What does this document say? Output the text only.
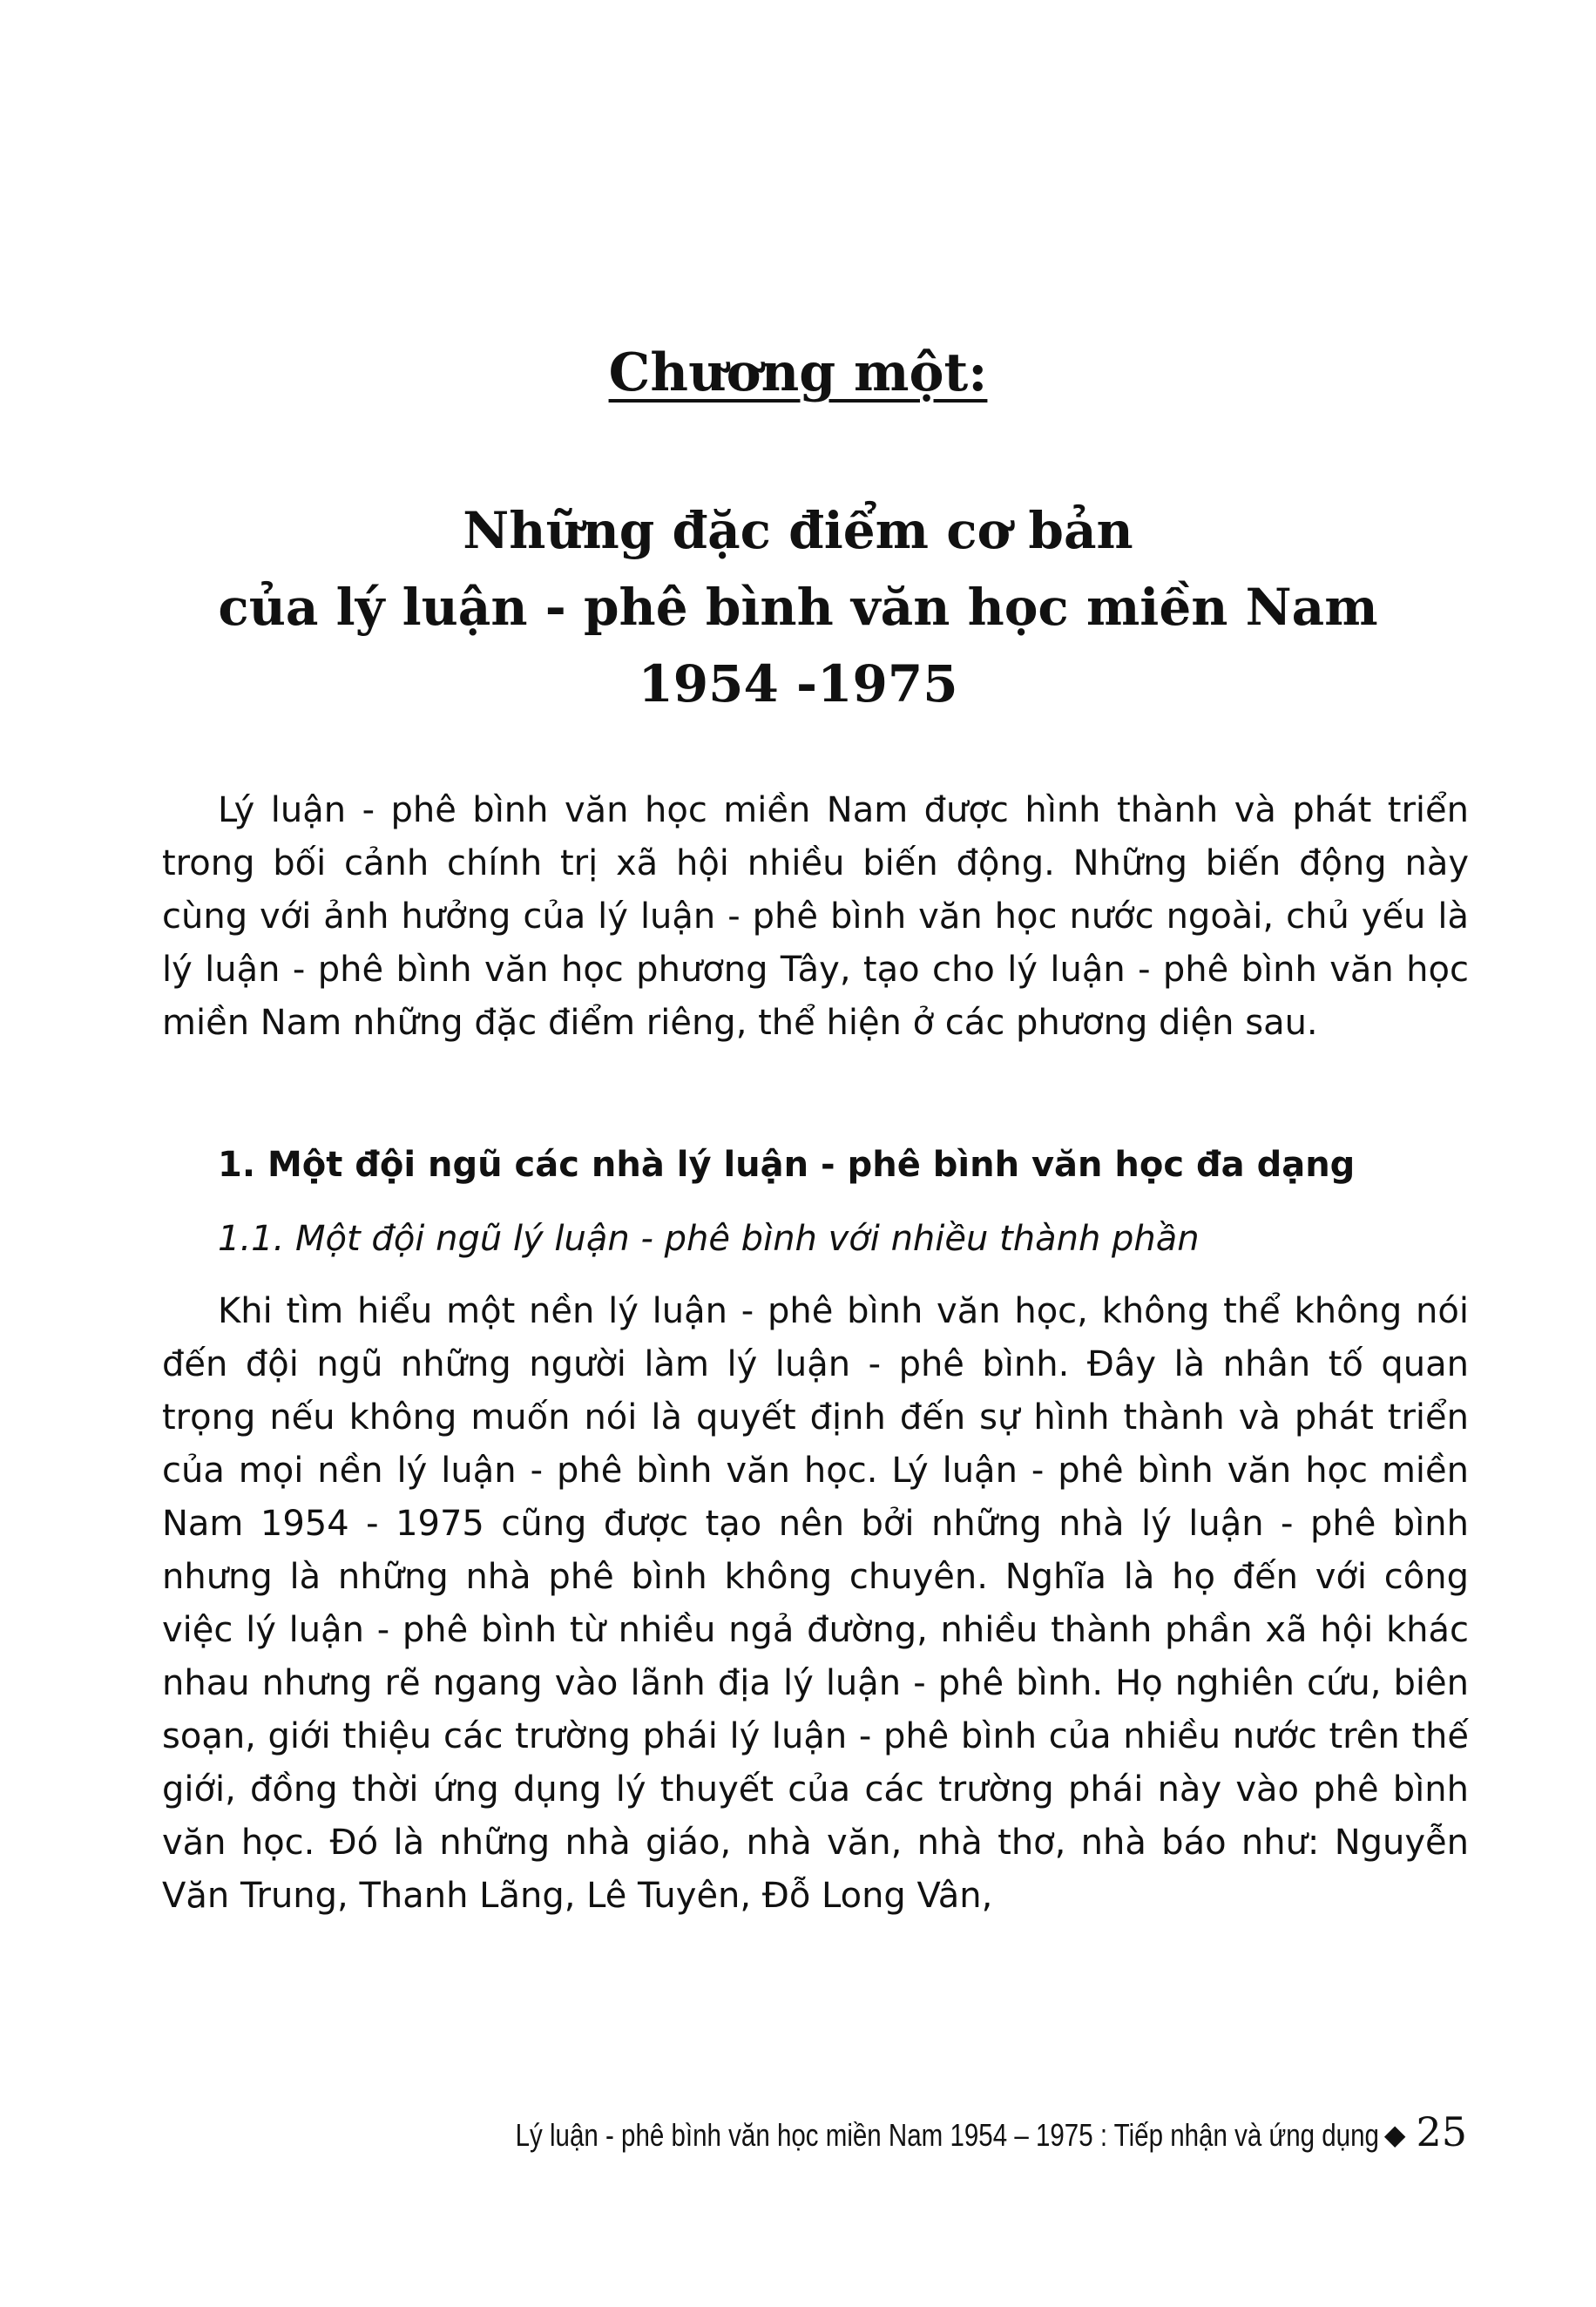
Chương một:
Những đặc điểm cơ bản
của lý luận - phê bình văn học miền Nam
1954 -1975

Lý luận - phê bình văn học miền Nam được hình thành và phát triển trong bối cảnh chính trị xã hội nhiều biến động. Những biến động này cùng với ảnh hưởng của lý luận - phê bình văn học nước ngoài, chủ yếu là lý luận - phê bình văn học phương Tây, tạo cho lý luận - phê bình văn học miền Nam những đặc điểm riêng, thể hiện ở các phương diện sau.

1. Một đội ngũ các nhà lý luận - phê bình văn học đa dạng
1.1. Một đội ngũ lý luận - phê bình với nhiều thành phần

Khi tìm hiểu một nền lý luận - phê bình văn học, không thể không nói đến đội ngũ những người làm lý luận - phê bình. Đây là nhân tố quan trọng nếu không muốn nói là quyết định đến sự hình thành và phát triển của mọi nền lý luận - phê bình văn học. Lý luận - phê bình văn học miền Nam 1954 - 1975 cũng được tạo nên bởi những nhà lý luận - phê bình nhưng là những nhà phê bình không chuyên. Nghĩa là họ đến với công việc lý luận - phê bình từ nhiều ngả đường, nhiều thành phần xã hội khác nhau nhưng rẽ ngang vào lãnh địa lý luận - phê bình. Họ nghiên cứu, biên soạn, giới thiệu các trường phái lý luận - phê bình của nhiều nước trên thế giới, đồng thời ứng dụng lý thuyết của các trường phái này vào phê bình văn học. Đó là những nhà giáo, nhà văn, nhà thơ, nhà báo như: Nguyễn Văn Trung, Thanh Lãng, Lê Tuyên, Đỗ Long Vân,

Lý luận - phê bình văn học miền Nam 1954 – 1975 : Tiếp nhận và ứng dụng ◆ 25
